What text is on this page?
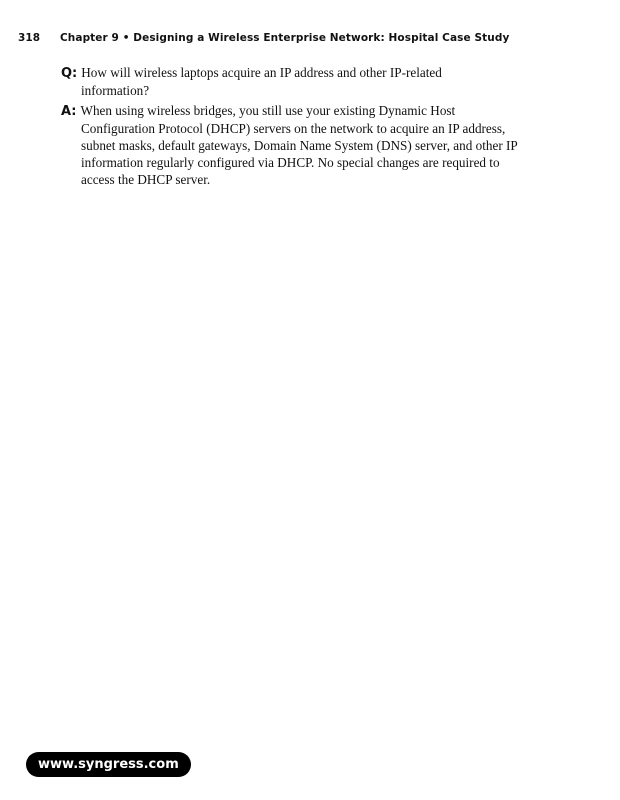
318 Chapter 9 • Designing a Wireless Enterprise Network: Hospital Case Study
Q: How will wireless laptops acquire an IP address and other IP-related
information?
A: When using wireless bridges, you still use your existing Dynamic Host
Configuration Protocol (DHCP) servers on the network to acquire an IP address,
subnet masks, default gateways, Domain Name System (DNS) server, and other IP
information regularly configured via DHCP. No special changes are required to
access the DHCP server.
www.syngress.com
